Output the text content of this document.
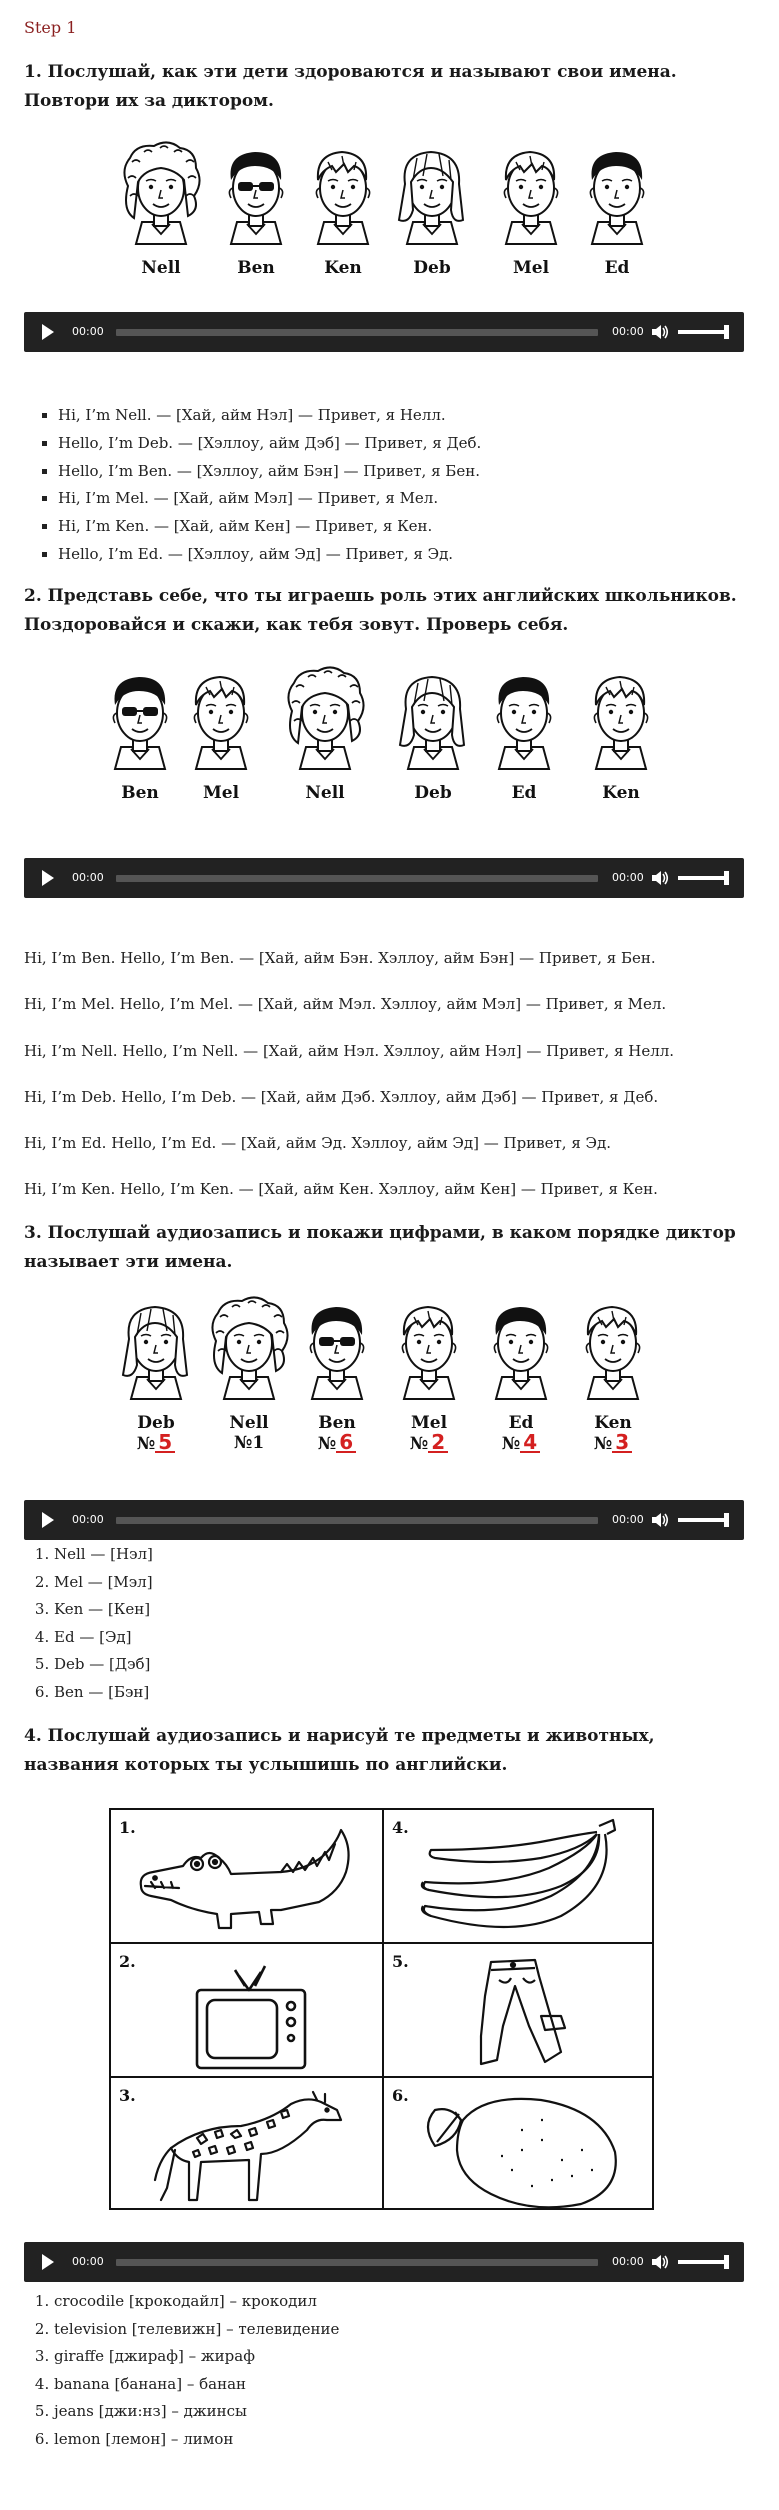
Step 1
1. Послушай, как эти дети здороваются и называют свои имена. Повтори их за диктором.
Nell	Ben	Ken	Deb	Mel	Ed
00:00	00:00
▪ Hi, I’m Nell. — [Хай, айм Нэл] — Привет, я Нелл.
▪ Hello, I’m Deb. — [Хэллоу, айм Дэб] — Привет, я Деб.
▪ Hello, I’m Ben. — [Хэллоу, айм Бэн] — Привет, я Бен.
▪ Hi, I’m Mel. — [Хай, айм Мэл] — Привет, я Мел.
▪ Hi, I’m Ken. — [Хай, айм Кен] — Привет, я Кен.
▪ Hello, I’m Ed. — [Хэллоу, айм Эд] — Привет, я Эд.
2. Представь себе, что ты играешь роль этих английских школьников. Поздоровайся и скажи, как тебя зовут. Проверь себя.
Ben	Mel	Nell	Deb	Ed	Ken
00:00	00:00
Hi, I’m Ben. Hello, I’m Ben. — [Хай, айм Бэн. Хэллоу, айм Бэн] — Привет, я Бен.
Hi, I’m Mel. Hello, I’m Mel. — [Хай, айм Мэл. Хэллоу, айм Мэл] — Привет, я Мел.
Hi, I’m Nell. Hello, I’m Nell. — [Хай, айм Нэл. Хэллоу, айм Нэл] — Привет, я Нелл.
Hi, I’m Deb. Hello, I’m Deb. — [Хай, айм Дэб. Хэллоу, айм Дэб] — Привет, я Деб.
Hi, I’m Ed. Hello, I’m Ed. — [Хай, айм Эд. Хэллоу, айм Эд] — Привет, я Эд.
Hi, I’m Ken. Hello, I’m Ken. — [Хай, айм Кен. Хэллоу, айм Кен] — Привет, я Кен.
3. Послушай аудиозапись и покажи цифрами, в каком порядке диктор называет эти имена.
Deb
№ 5
Nell
№1
Ben
№ 6
Mel
№ 2
Ed
№ 4
Ken
№ 3
00:00	00:00
1. Nell — [Нэл]
2. Mel — [Мэл]
3. Ken — [Кен]
4. Ed — [Эд]
5. Deb — [Дэб]
6. Ben — [Бэн]
4. Послушай аудиозапись и нарисуй те предметы и животных, названия которых ты услышишь по английски.
1.	4.
2.	5.
3.	6.
00:00	00:00
1. crocodile [крокодайл] – крокодил
2. television [телевижн] – телевидение
3. giraffe [джираф] – жираф
4. banana [банана] – банан
5. jeans [джи:нз] – джинсы
6. lemon [лемон] – лимон
